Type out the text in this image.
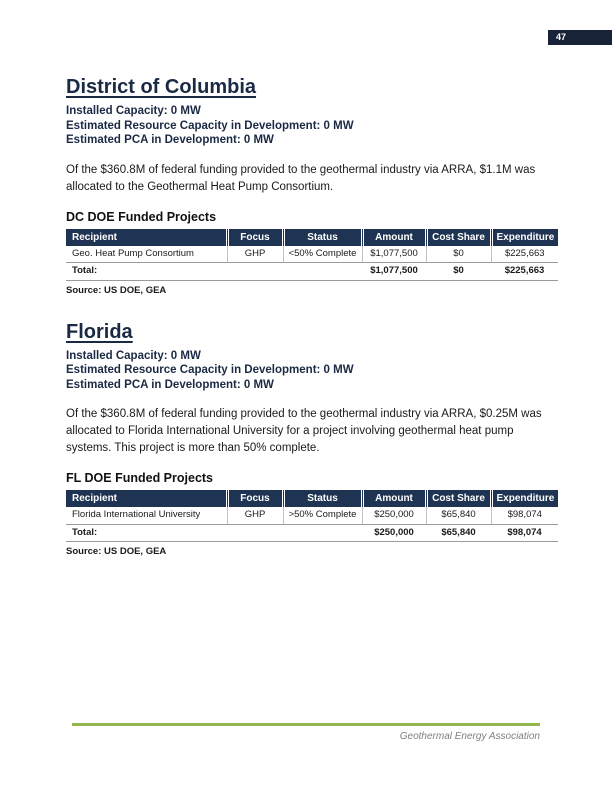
47
District of Columbia
Installed Capacity: 0 MW
Estimated Resource Capacity in Development: 0 MW
Estimated PCA in Development: 0 MW

Of the $360.8M of federal funding provided to the geothermal industry via ARRA, $1.1M was allocated to the Geothermal Heat Pump Consortium.

DC DOE Funded Projects
Recipient	Focus	Status	Amount	Cost Share	Expenditure
Geo. Heat Pump Consortium	GHP	<50% Complete	$1,077,500	$0	$225,663
Total:			$1,077,500	$0	$225,663
Source: US DOE, GEA
Florida
Installed Capacity: 0 MW
Estimated Resource Capacity in Development: 0 MW
Estimated PCA in Development: 0 MW

Of the $360.8M of federal funding provided to the geothermal industry via ARRA, $0.25M was allocated to Florida International University for a project involving geothermal heat pump systems. This project is more than 50% complete.

FL DOE Funded Projects
Recipient	Focus	Status	Amount	Cost Share	Expenditure
Florida International University	GHP	>50% Complete	$250,000	$65,840	$98,074
Total:			$250,000	$65,840	$98,074
Source: US DOE, GEA
Geothermal Energy Association
